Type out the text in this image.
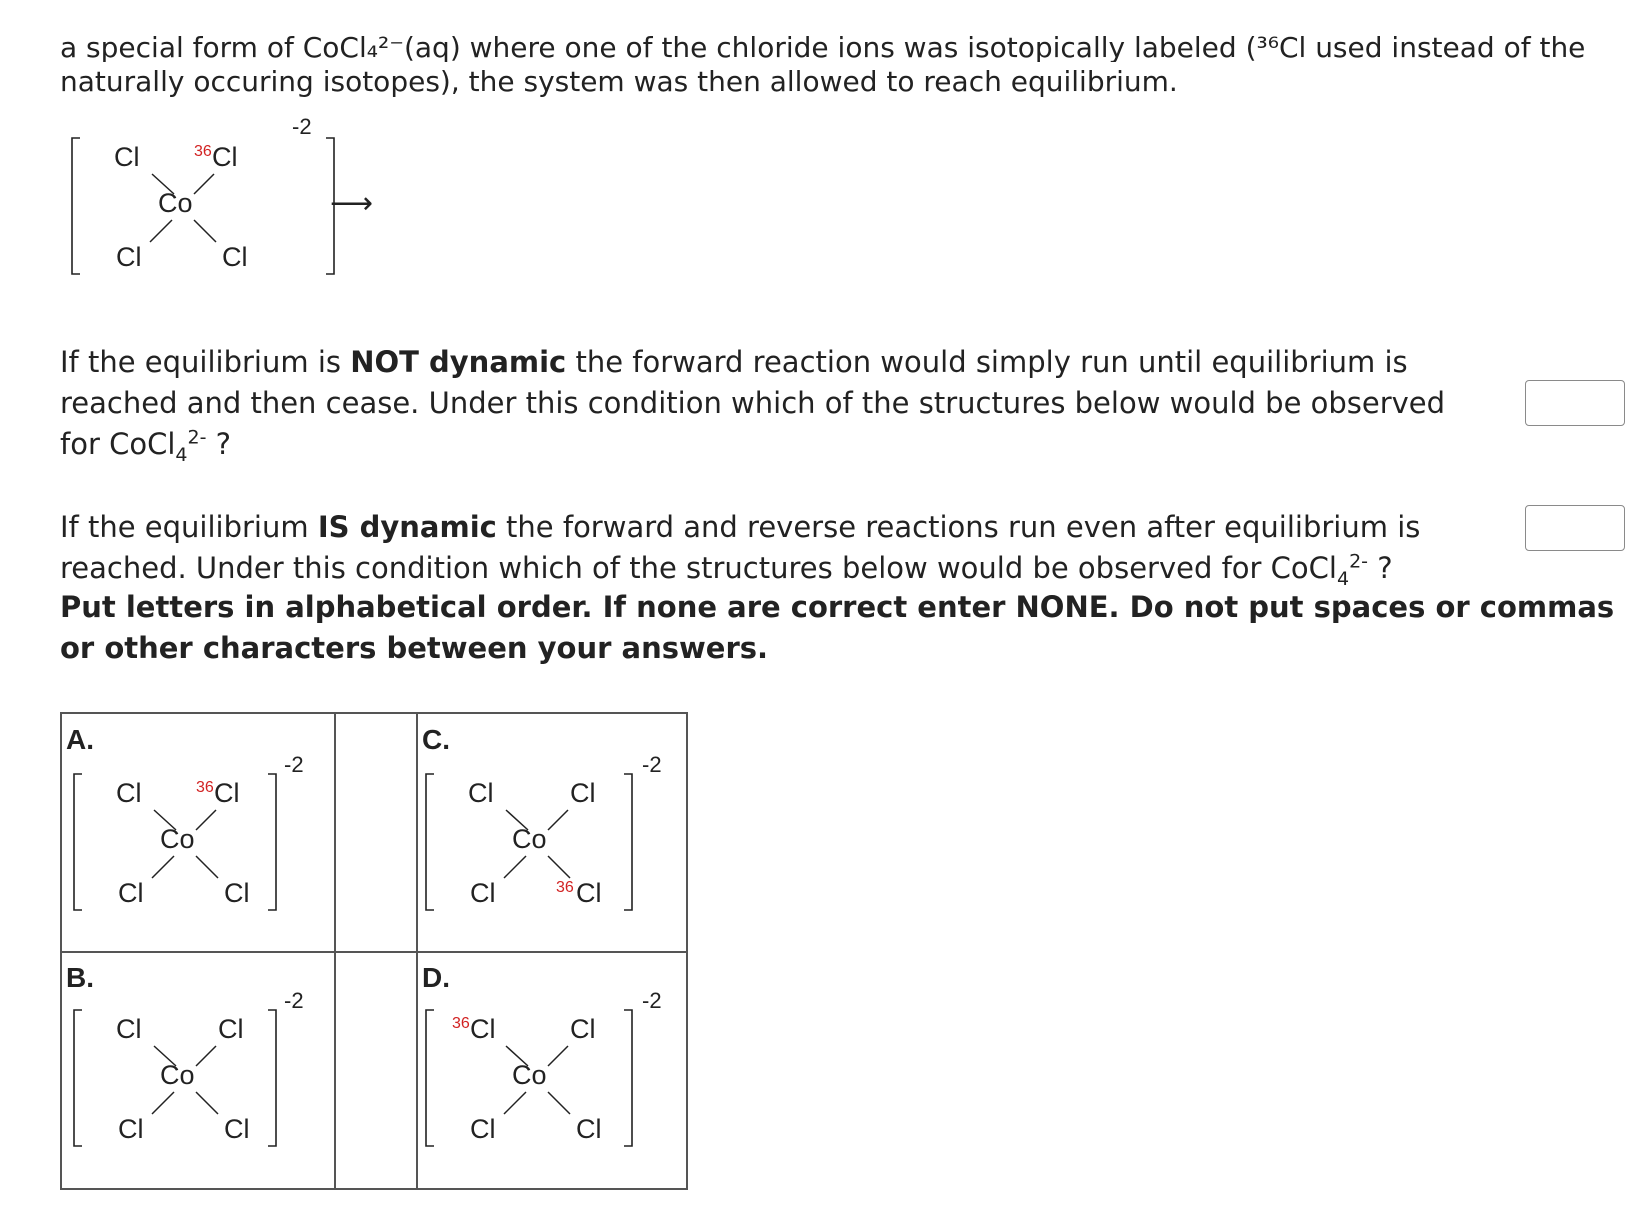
a special form of CoCl₄²⁻(aq) where one of the chloride ions was isotopically labeled (³⁶Cl used instead of the
naturally occuring isotopes), the system was then allowed to reach equilibrium.
Cl	36 Cl
Co
Cl	Cl
-2
⟶

If the equilibrium is NOT dynamic the forward reaction would simply run until equilibrium is reached and then cease. Under this condition which of the structures below would be observed for CoCl$_4^{2-}$ ?

If the equilibrium IS dynamic the forward and reverse reactions run even after equilibrium is reached. Under this condition which of the structures below would be observed for CoCl$_4^{2-}$ ?

Put letters in alphabetical order. If none are correct enter NONE. Do not put spaces or commas or other characters between your answers.

A.
B.
C.
D.
Cl	36 Cl
Co
Cl	Cl
-2
Cl	Cl
Co
Cl	Cl
-2
Cl	Cl
Co
Cl	36 Cl
-2
36 Cl	Cl
Co
Cl	Cl
-2
